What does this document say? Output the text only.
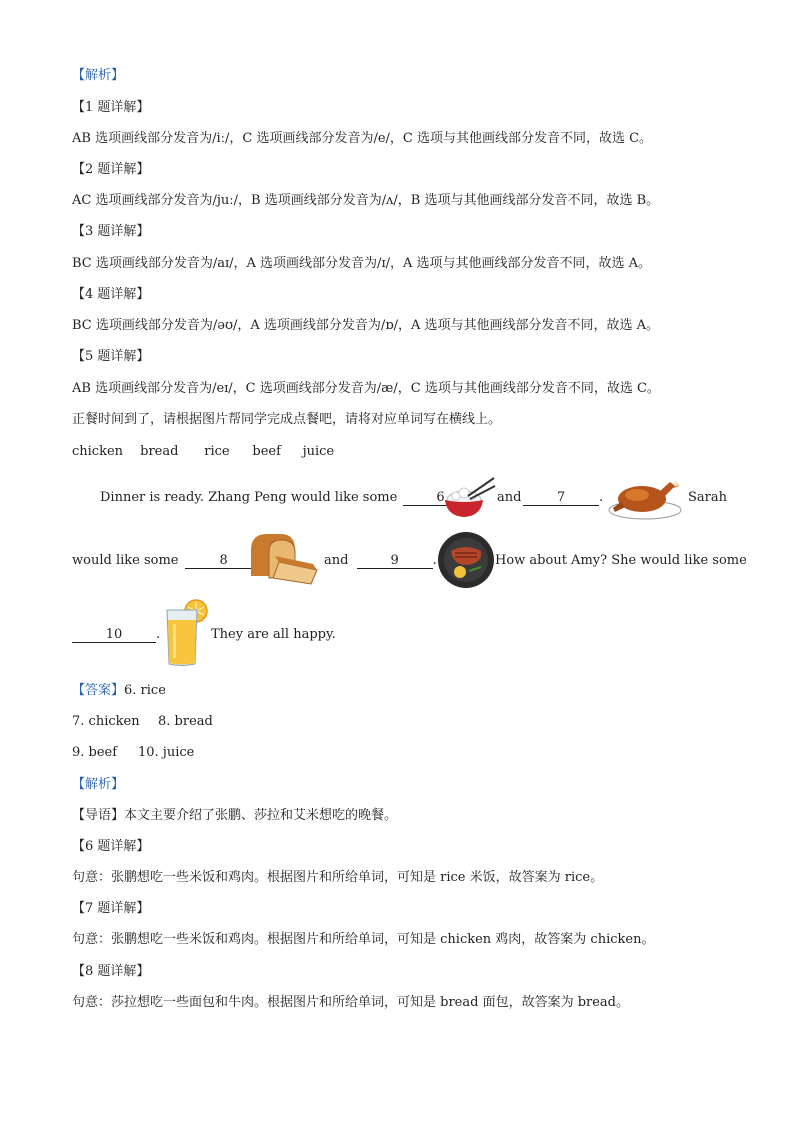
【解析】
【1 题详解】
AB 选项画线部分发音为/iː/，C 选项画线部分发音为/e/，C 选项与其他画线部分发音不同，故选 C。
【2 题详解】
AC 选项画线部分发音为/juː/，B 选项画线部分发音为/ʌ/，B 选项与其他画线部分发音不同，故选 B。
【3 题详解】
BC 选项画线部分发音为/aɪ/，A 选项画线部分发音为/ɪ/，A 选项与其他画线部分发音不同，故选 A。
【4 题详解】
BC 选项画线部分发音为/əʊ/，A 选项画线部分发音为/ɒ/，A 选项与其他画线部分发音不同，故选 A。
【5 题详解】
AB 选项画线部分发音为/eɪ/，C 选项画线部分发音为/æ/，C 选项与其他画线部分发音不同，故选 C。
正餐时间到了，请根据图片帮同学完成点餐吧，请将对应单词写在横线上。
chicken bread rice beef juice
Dinner is ready. Zhang Peng would like some	6	and	7	.	Sarah
would like some	8	and	9	.	How about Amy? She would like some
10	.	They are all happy.
【答案】6. rice
7. chicken 8. bread
9. beef 10. juice
【解析】
【导语】本文主要介绍了张鹏、莎拉和艾米想吃的晚餐。
【6 题详解】
句意：张鹏想吃一些米饭和鸡肉。根据图片和所给单词，可知是 rice 米饭，故答案为 rice。
【7 题详解】
句意：张鹏想吃一些米饭和鸡肉。根据图片和所给单词，可知是 chicken 鸡肉，故答案为 chicken。
【8 题详解】
句意：莎拉想吃一些面包和牛肉。根据图片和所给单词，可知是 bread 面包，故答案为 bread。
